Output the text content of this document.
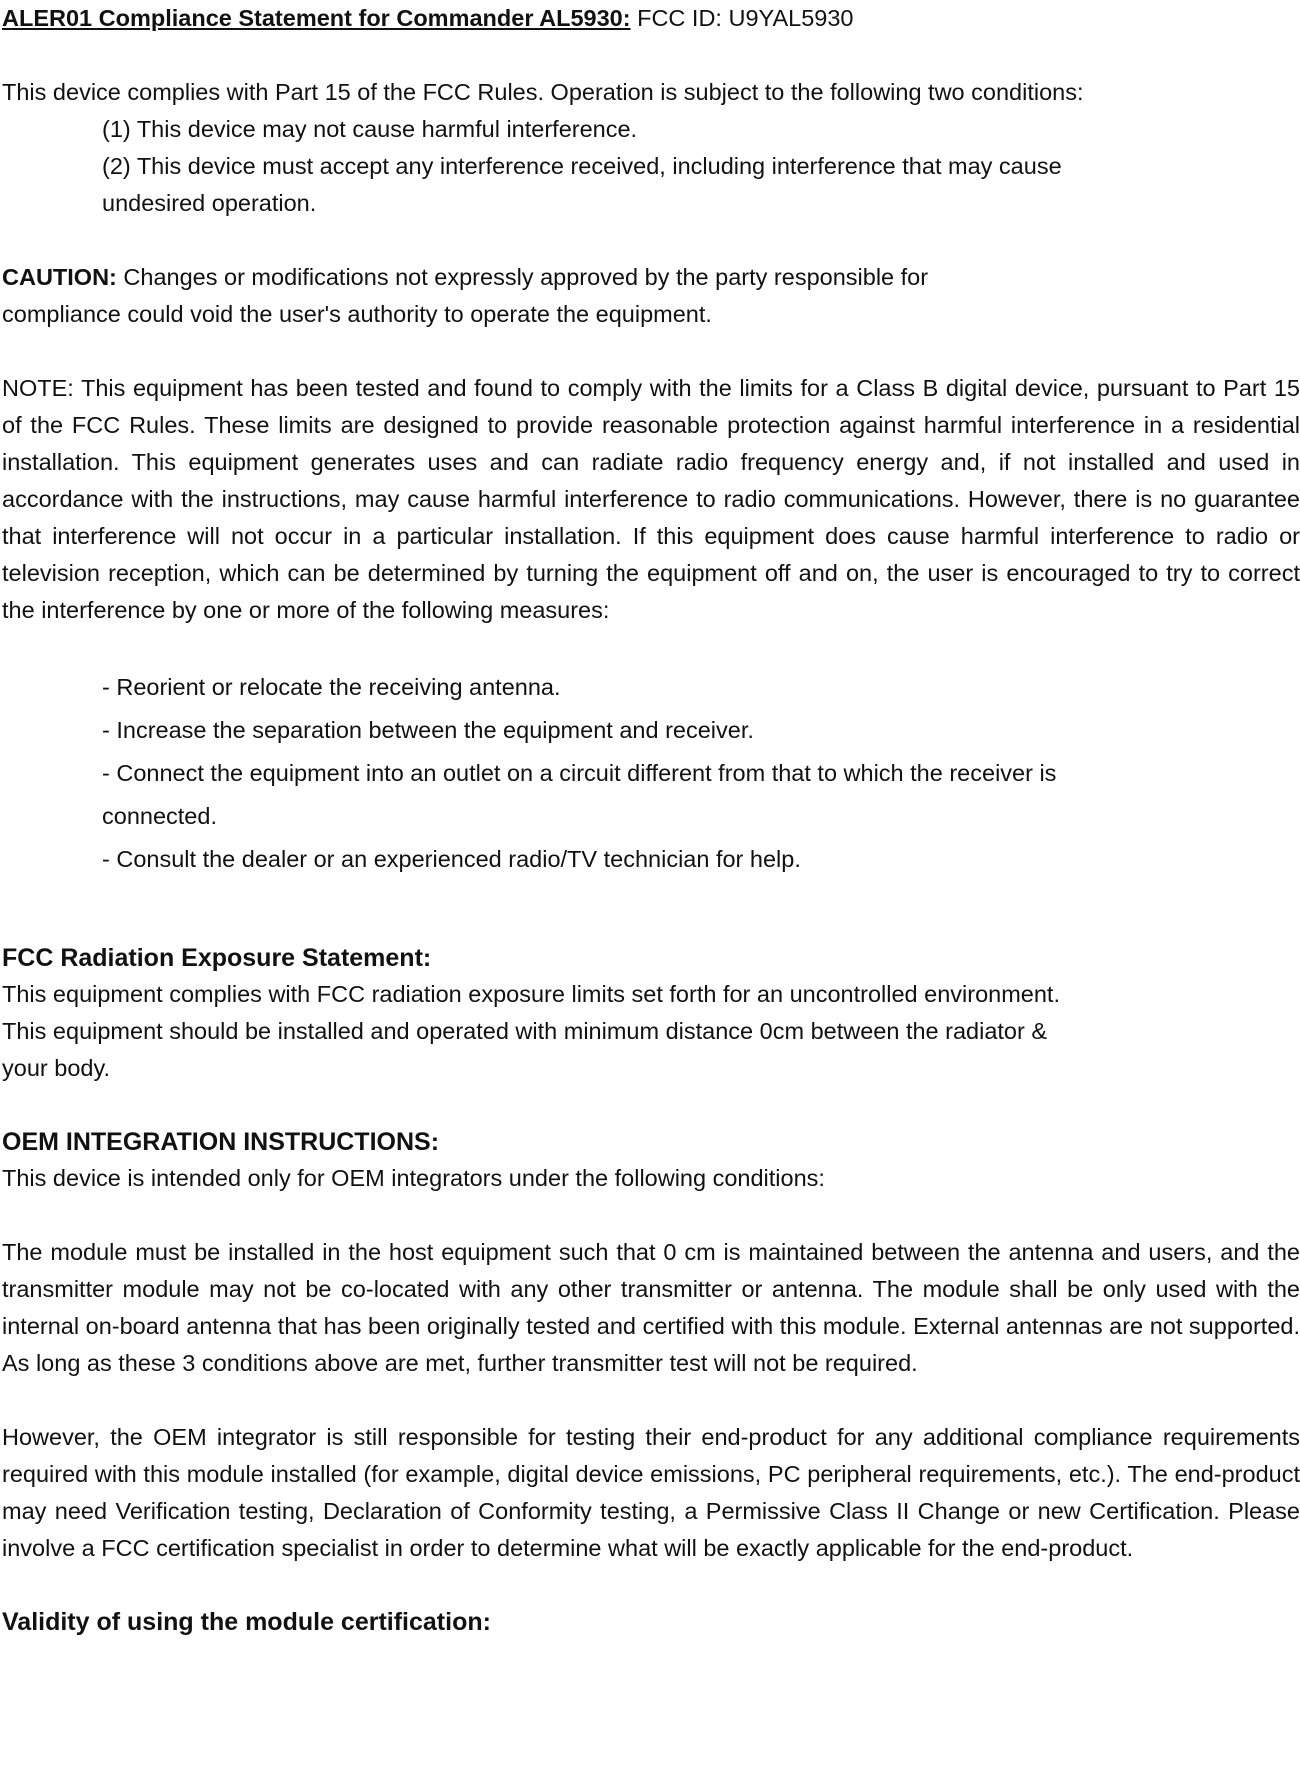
ALER01 Compliance Statement for Commander AL5930: FCC ID: U9YAL5930
This device complies with Part 15 of the FCC Rules. Operation is subject to the following two conditions:
(1) This device may not cause harmful interference.
(2) This device must accept any interference received, including interference that may cause
undesired operation.
CAUTION: Changes or modifications not expressly approved by the party responsible for
compliance could void the user's authority to operate the equipment.
NOTE: This equipment has been tested and found to comply with the limits for a Class B digital device, pursuant to Part 15 of the FCC Rules. These limits are designed to provide reasonable protection against harmful interference in a residential installation. This equipment generates uses and can radiate radio frequency energy and, if not installed and used in accordance with the instructions, may cause harmful interference to radio communications. However, there is no guarantee that interference will not occur in a particular installation. If this equipment does cause harmful interference to radio or television reception, which can be determined by turning the equipment off and on, the user is encouraged to try to correct the interference by one or more of the following measures:
- Reorient or relocate the receiving antenna.
- Increase the separation between the equipment and receiver.
- Connect the equipment into an outlet on a circuit different from that to which the receiver is
connected.
- Consult the dealer or an experienced radio/TV technician for help.
FCC Radiation Exposure Statement:
This equipment complies with FCC radiation exposure limits set forth for an uncontrolled environment.
This equipment should be installed and operated with minimum distance 0cm between the radiator &
your body.
OEM INTEGRATION INSTRUCTIONS:
This device is intended only for OEM integrators under the following conditions:
The module must be installed in the host equipment such that 0 cm is maintained between the antenna and users, and the transmitter module may not be co-located with any other transmitter or antenna. The module shall be only used with the internal on-board antenna that has been originally tested and certified with this module. External antennas are not supported. As long as these 3 conditions above are met, further transmitter test will not be required.
However, the OEM integrator is still responsible for testing their end-product for any additional compliance requirements required with this module installed (for example, digital device emissions, PC peripheral requirements, etc.). The end-product may need Verification testing, Declaration of Conformity testing, a Permissive Class II Change or new Certification. Please involve a FCC certification specialist in order to determine what will be exactly applicable for the end-product.
Validity of using the module certification:
